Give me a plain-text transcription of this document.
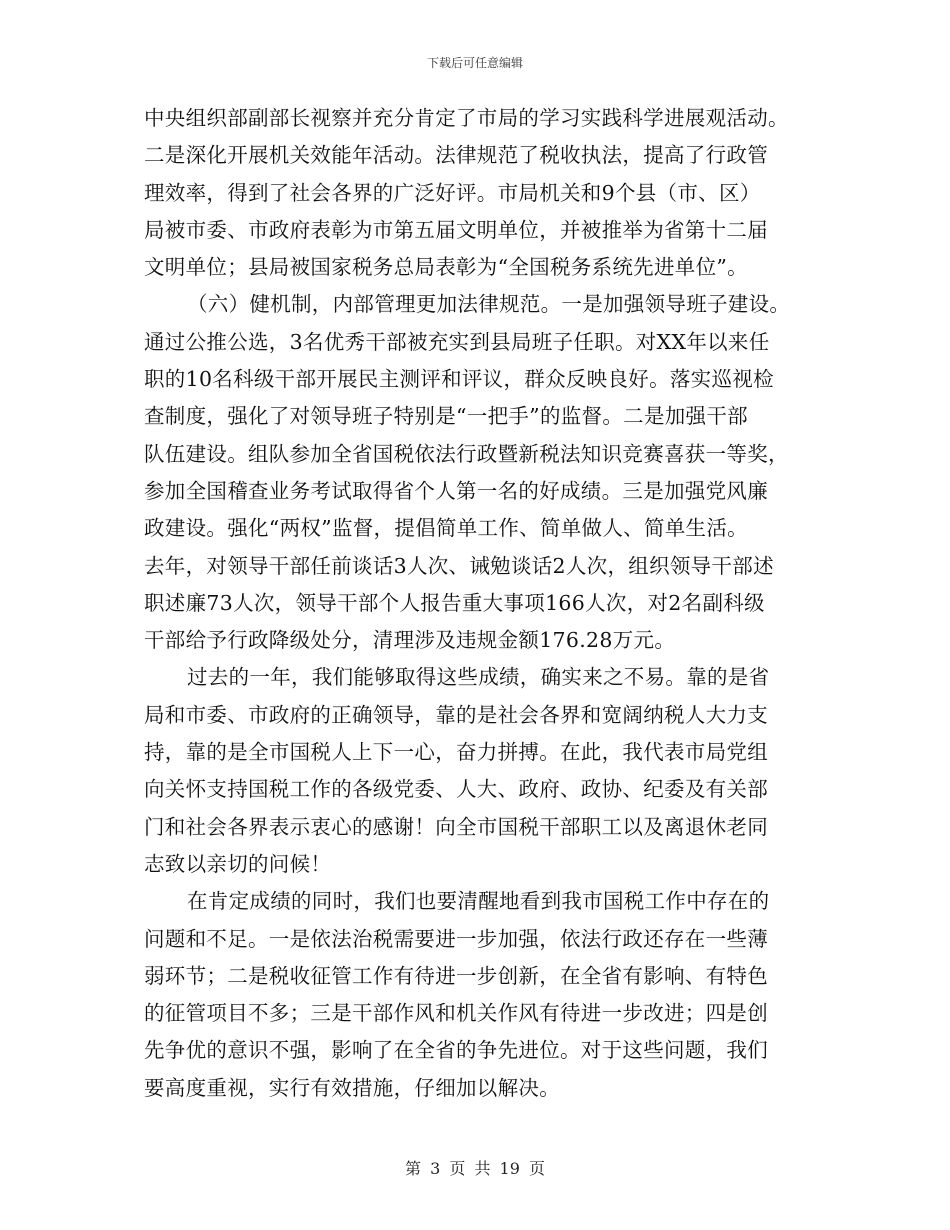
下载后可任意编辑

中央组织部副部长视察并充分肯定了市局的学习实践科学进展观活动。
二是深化开展机关效能年活动。法律规范了税收执法，提高了行政管
理效率，得到了社会各界的广泛好评。市局机关和9个县（市、区）
局被市委、市政府表彰为市第五届文明单位，并被推举为省第十二届
文明单位；县局被国家税务总局表彰为“全国税务系统先进单位”。

（六）健机制，内部管理更加法律规范。一是加强领导班子建设。
通过公推公选，3名优秀干部被充实到县局班子任职。对XX年以来任
职的10名科级干部开展民主测评和评议，群众反映良好。落实巡视检
查制度，强化了对领导班子特别是“一把手”的监督。二是加强干部
队伍建设。组队参加全省国税依法行政暨新税法知识竞赛喜获一等奖，
参加全国稽查业务考试取得省个人第一名的好成绩。三是加强党风廉
政建设。强化“两权”监督，提倡简单工作、简单做人、简单生活。
去年，对领导干部任前谈话3人次、诫勉谈话2人次，组织领导干部述
职述廉73人次，领导干部个人报告重大事项166人次，对2名副科级
干部给予行政降级处分，清理涉及违规金额176.28万元。

过去的一年，我们能够取得这些成绩，确实来之不易。靠的是省
局和市委、市政府的正确领导，靠的是社会各界和宽阔纳税人大力支
持，靠的是全市国税人上下一心，奋力拼搏。在此，我代表市局党组
向关怀支持国税工作的各级党委、人大、政府、政协、纪委及有关部
门和社会各界表示衷心的感谢！向全市国税干部职工以及离退休老同
志致以亲切的问候！

在肯定成绩的同时，我们也要清醒地看到我市国税工作中存在的
问题和不足。一是依法治税需要进一步加强，依法行政还存在一些薄
弱环节；二是税收征管工作有待进一步创新，在全省有影响、有特色
的征管项目不多；三是干部作风和机关作风有待进一步改进；四是创
先争优的意识不强，影响了在全省的争先进位。对于这些问题，我们
要高度重视，实行有效措施，仔细加以解决。

第 3 页 共 19 页
